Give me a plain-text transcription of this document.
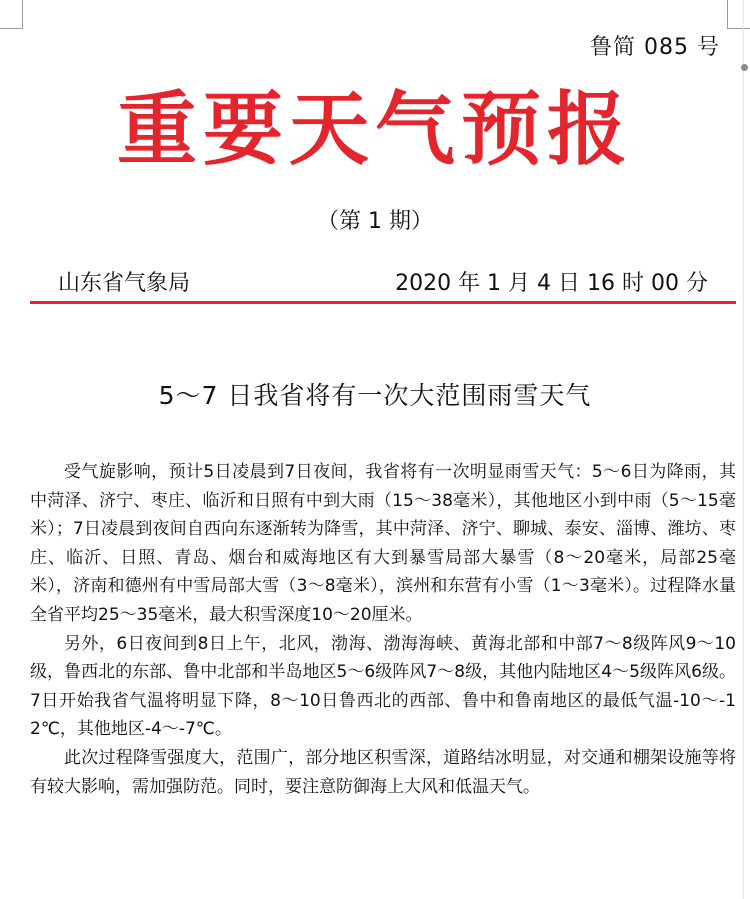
鲁简 085 号
重要天气预报
（第 1 期）
山东省气象局	2020 年 1 月 4 日 16 时 00 分
5～7 日我省将有一次大范围雨雪天气

受气旋影响，预计5日凌晨到7日夜间，我省将有一次明显雨雪天气：5～6日为降雨，其中菏泽、济宁、枣庄、临沂和日照有中到大雨（15～38毫米），其他地区小到中雨（5～15毫米）；7日凌晨到夜间自西向东逐渐转为降雪，其中菏泽、济宁、聊城、泰安、淄博、潍坊、枣庄、临沂、日照、青岛、烟台和威海地区有大到暴雪局部大暴雪（8～20毫米，局部25毫米），济南和德州有中雪局部大雪（3～8毫米），滨州和东营有小雪（1～3毫米）。过程降水量全省平均25～35毫米，最大积雪深度10～20厘米。

另外，6日夜间到8日上午，北风，渤海、渤海海峡、黄海北部和中部7～8级阵风9～10级，鲁西北的东部、鲁中北部和半岛地区5～6级阵风7～8级，其他内陆地区4～5级阵风6级。7日开始我省气温将明显下降，8～10日鲁西北的西部、鲁中和鲁南地区的最低气温-10～-12℃，其他地区-4～-7℃。

此次过程降雪强度大，范围广，部分地区积雪深，道路结冰明显，对交通和棚架设施等将有较大影响，需加强防范。同时，要注意防御海上大风和低温天气。
